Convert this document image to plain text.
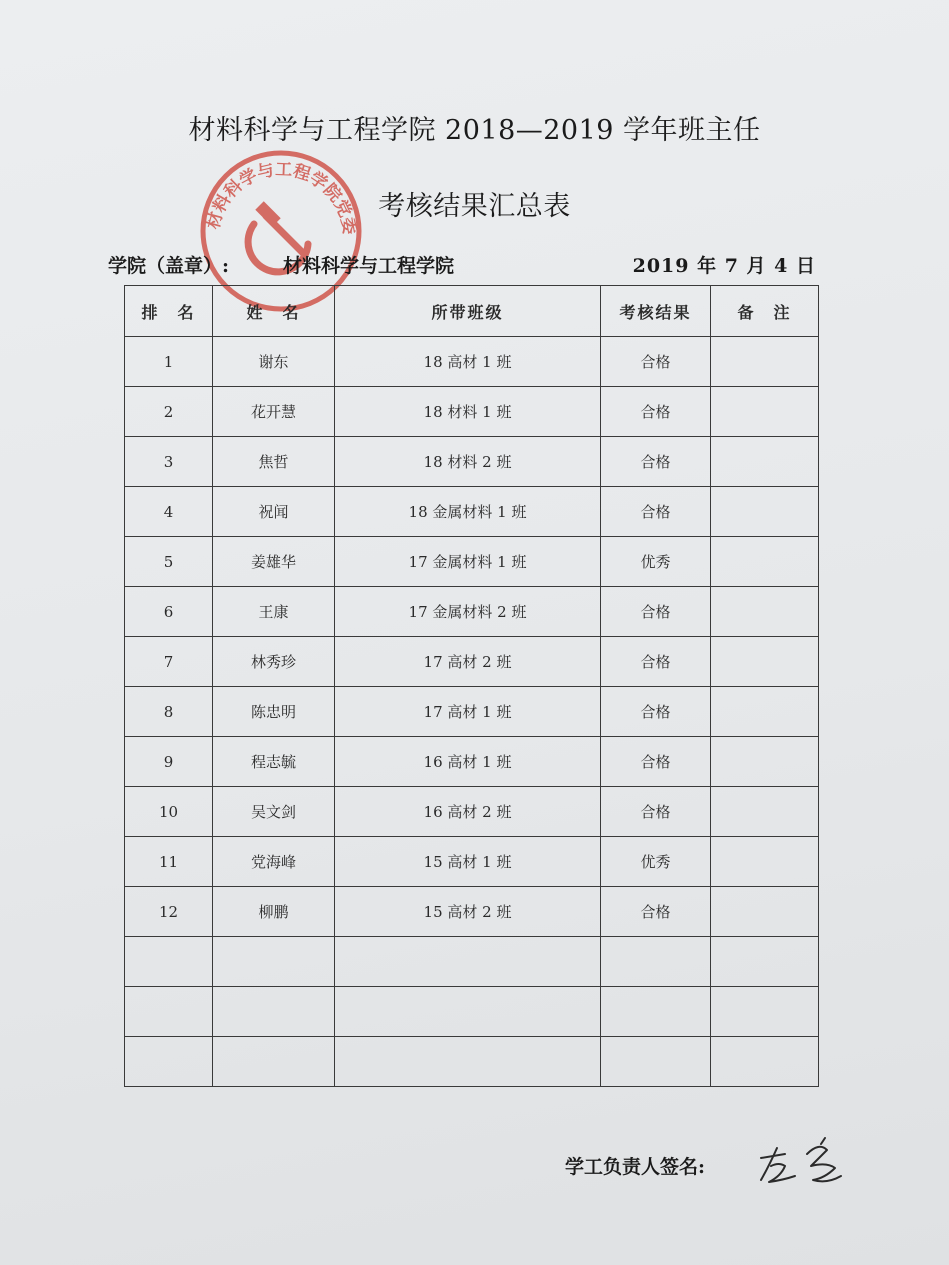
材料科学与工程学院党委
材料科学与工程学院 2018—2019 学年班主任
考核结果汇总表
学院（盖章）:	材料科学与工程学院	2019 年 7 月 4 日
排　名	姓　名	所带班级	考核结果	备　注
1	谢东	18 高材 1 班	合格	
2	花开慧	18 材料 1 班	合格	
3	焦哲	18 材料 2 班	合格	
4	祝闻	18 金属材料 1 班	合格	
5	姜雄华	17 金属材料 1 班	优秀	
6	王康	17 金属材料 2 班	合格	
7	林秀珍	17 高材 2 班	合格	
8	陈忠明	17 高材 1 班	合格	
9	程志毓	16 高材 1 班	合格	
10	吴文剑	16 高材 2 班	合格	
11	党海峰	15 高材 1 班	优秀	
12	柳鹏	15 高材 2 班	合格	

学工负责人签名:
